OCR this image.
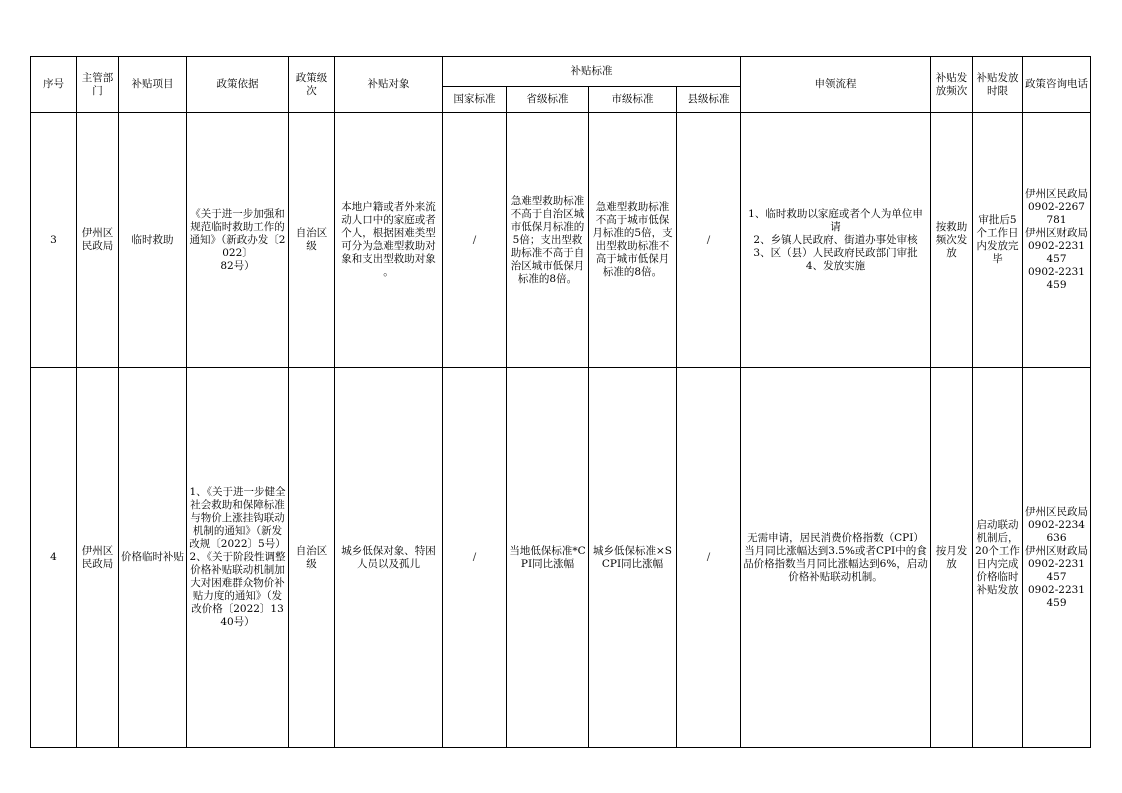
序号	主管部门	补贴项目	政策依据	政策级次	补贴对象	补贴标准				申领流程	补贴发放频次	补贴发放时限	政策咨询电话
						国家标准	省级标准	市级标准	县级标准				
3	伊州区民政局	临时救助	《关于进一步加强和规范临时救助工作的通知》（新政办发〔2022〕
82号）	自治区级	本地户籍或者外来流动人口中的家庭或者个人，根据困难类型可分为急难型救助对象和支出型救助对象
。	/	急难型救助标准不高于自治区城市低保月标准的5倍；支出型救助标准不高于自治区城市低保月标准的8倍。	急难型救助标准不高于城市低保月标准的5倍，支出型救助标准不高于城市低保月标准的8倍。	/	1、临时救助以家庭或者个人为单位申请
2、乡镇人民政府、街道办事处审核
3、区（县）人民政府民政部门审批
4、发放实施	按救助频次发放	审批后5个工作日内发放完毕	伊州区民政局0902-2267781
伊州区财政局0902-2231457
0902-2231459
4	伊州区民政局	价格临时补贴	1、《关于进一步健全社会救助和保障标准与物价上涨挂钩联动机制的通知》（新发改规〔2022〕5号）
2、《关于阶段性调整价格补贴联动机制加大对困难群众物价补贴力度的通知》（发改价格〔2022〕1340号）	自治区级	城乡低保对象、特困人员以及孤儿	/	当地低保标准*CPI同比涨幅	城乡低保标准×SCPI同比涨幅	/	无需申请，居民消费价格指数（CPI）当月同比涨幅达到3.5%或者CPI中的食品价格指数当月同比涨幅达到6%，启动价格补贴联动机制。	按月发放	启动联动机制后，20个工作日内完成价格临时补贴发放	伊州区民政局0902-2234636
伊州区财政局0902-2231457
0902-2231459
